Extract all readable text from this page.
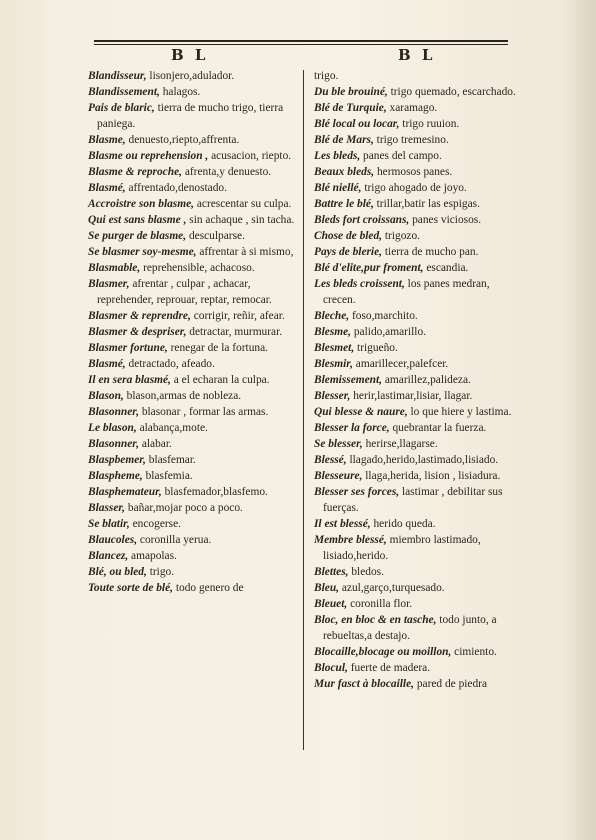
B L	B L

Blandisseur, lisonjero,adulador.

Blandissement, halagos.

Pais de blaric, tierra de mucho trigo, tierra paniega.

Blasme, denuesto,riepto,affrenta.

Blasme ou reprehension , acusacion, riepto.

Blasme & reproche, afrenta,y denuesto.

Blasmé, affrentado,denostado.

Accroistre son blasme, acrescentar su culpa.

Qui est sans blasme , sin achaque , sin tacha.

Se purger de blasme, desculparse.

Se blasmer soy-mesme, affrentar à si mismo,

Blasmable, reprehensible, achacoso.

Blasmer, afrentar , culpar , achacar, reprehender, reprouar, reptar, remocar.

Blasmer & reprendre, corrigir, reñir, afear.

Blasmer & despriser, detractar, murmurar.

Blasmer fortune, renegar de la fortuna.

Blasmé, detractado, afeado.

Il en sera blasmé, a el echaran la culpa.

Blason, blason,armas de nobleza.

Blasonner, blasonar , formar las armas.

Le blason, alabança,mote.

Blasonner, alabar.

Blaspbemer, blasfemar.

Blaspheme, blasfemia.

Blasphemateur, blasfemador,blasfemo.

Blasser, bañar,mojar poco a poco.

Se blatir, encogerse.

Blaucoles, coronilla yerua.

Blancez, amapolas.

Blé, ou bled, trigo.

Toute sorte de blé, todo genero de

trigo.

Du ble brouiné, trigo quemado, escarchado.

Blé de Turquie, xaramago.

Blé local ou locar, trigo ruuion.

Blé de Mars, trigo tremesino.

Les bleds, panes del campo.

Beaux bleds, hermosos panes.

Blé niellé, trigo ahogado de joyo.

Battre le blé, trillar,batir las espigas.

Bleds fort croissans, panes viciosos.

Chose de bled, trigozo.

Pays de blerie, tierra de mucho pan.

Blé d'elite,pur froment, escandia.

Les bleds croissent, los panes medran, crecen.

Bleche, foso,marchito.

Blesme, palido,amarillo.

Blesmet, trigueño.

Blesmir, amarillecer,palefcer.

Blemissement, amarillez,palideza.

Blesser, herir,lastimar,lisiar, llagar.

Qui blesse & naure, lo que hiere y lastima.

Blesser la force, quebrantar la fuerza.

Se blesser, herirse,llagarse.

Blessé, llagado,herido,lastimado,lisiado.

Blesseure, llaga,herida, lision , lisiadura.

Blesser ses forces, lastimar , debilitar sus fuerças.

Il est blessé, herido queda.

Membre blessé, miembro lastimado, lisiado,herido.

Blettes, bledos.

Bleu, azul,garço,turquesado.

Bleuet, coronilla flor.

Bloc, en bloc & en tasche, todo junto, a rebueltas,a destajo.

Blocaille,blocage ou moillon, cimiento.

Blocul, fuerte de madera.

Mur fasct à blocaille, pared de piedra
